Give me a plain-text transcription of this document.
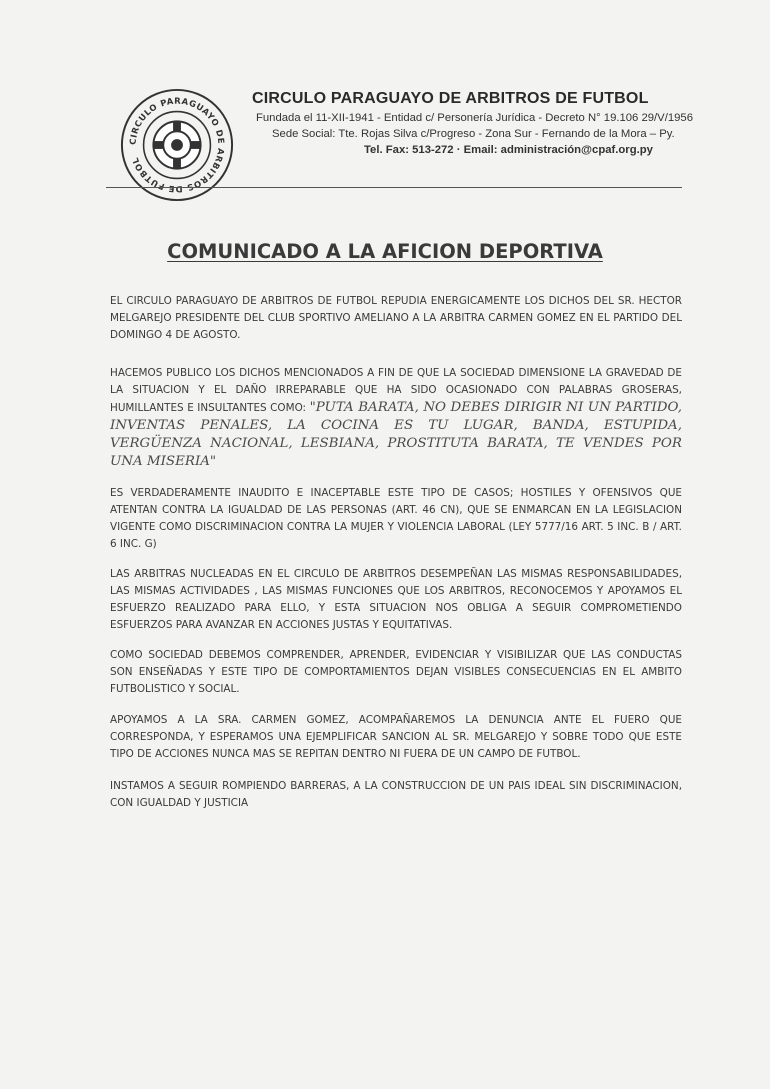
CIRCULO PARAGUAYO DE ARBITROS DE FUTBOL
CIRCULO PARAGUAYO DE ARBITROS DE FUTBOL
Fundada el 11-XII-1941 - Entidad c/ Personería Jurídica - Decreto N° 19.106 29/V/1956
Sede Social: Tte. Rojas Silva c/Progreso - Zona Sur - Fernando de la Mora – Py.
Tel. Fax: 513-272 · Email: administración@cpaf.org.py
COMUNICADO A LA AFICION DEPORTIVA

EL CIRCULO PARAGUAYO DE ARBITROS DE FUTBOL REPUDIA ENERGICAMENTE LOS DICHOS DEL SR. HECTOR MELGAREJO PRESIDENTE DEL CLUB SPORTIVO AMELIANO A LA ARBITRA CARMEN GOMEZ EN EL PARTIDO DEL DOMINGO 4 DE AGOSTO.

HACEMOS PUBLICO LOS DICHOS MENCIONADOS A FIN DE QUE LA SOCIEDAD DIMENSIONE LA GRAVEDAD DE LA SITUACION Y EL DAÑO IRREPARABLE QUE HA SIDO OCASIONADO CON PALABRAS GROSERAS, HUMILLANTES E INSULTANTES COMO: "PUTA BARATA, NO DEBES DIRIGIR NI UN PARTIDO, INVENTAS PENALES, LA COCINA ES TU LUGAR, BANDA, ESTUPIDA, VERGÜENZA NACIONAL, LESBIANA, PROSTITUTA BARATA, TE VENDES POR UNA MISERIA"

ES VERDADERAMENTE INAUDITO E INACEPTABLE ESTE TIPO DE CASOS; HOSTILES Y OFENSIVOS QUE ATENTAN CONTRA LA IGUALDAD DE LAS PERSONAS (ART. 46 CN), QUE SE ENMARCAN EN LA LEGISLACION VIGENTE COMO DISCRIMINACION CONTRA LA MUJER Y VIOLENCIA LABORAL (LEY 5777/16 ART. 5 INC. B / ART. 6 INC. G)

LAS ARBITRAS NUCLEADAS EN EL CIRCULO DE ARBITROS DESEMPEÑAN LAS MISMAS RESPONSABILIDADES, LAS MISMAS ACTIVIDADES , LAS MISMAS FUNCIONES QUE LOS ARBITROS, RECONOCEMOS Y APOYAMOS EL ESFUERZO REALIZADO PARA ELLO, Y ESTA SITUACION NOS OBLIGA A SEGUIR COMPROMETIENDO ESFUERZOS PARA AVANZAR EN ACCIONES JUSTAS Y EQUITATIVAS.

COMO SOCIEDAD DEBEMOS COMPRENDER, APRENDER, EVIDENCIAR Y VISIBILIZAR QUE LAS CONDUCTAS SON ENSEÑADAS Y ESTE TIPO DE COMPORTAMIENTOS DEJAN VISIBLES CONSECUENCIAS EN EL AMBITO FUTBOLISTICO Y SOCIAL.

APOYAMOS A LA SRA. CARMEN GOMEZ, ACOMPAÑAREMOS LA DENUNCIA ANTE EL FUERO QUE CORRESPONDA, Y ESPERAMOS UNA EJEMPLIFICAR SANCION AL SR. MELGAREJO Y SOBRE TODO QUE ESTE TIPO DE ACCIONES NUNCA MAS SE REPITAN DENTRO NI FUERA DE UN CAMPO DE FUTBOL.

INSTAMOS A SEGUIR ROMPIENDO BARRERAS, A LA CONSTRUCCION DE UN PAIS IDEAL SIN DISCRIMINACION, CON IGUALDAD Y JUSTICIA
